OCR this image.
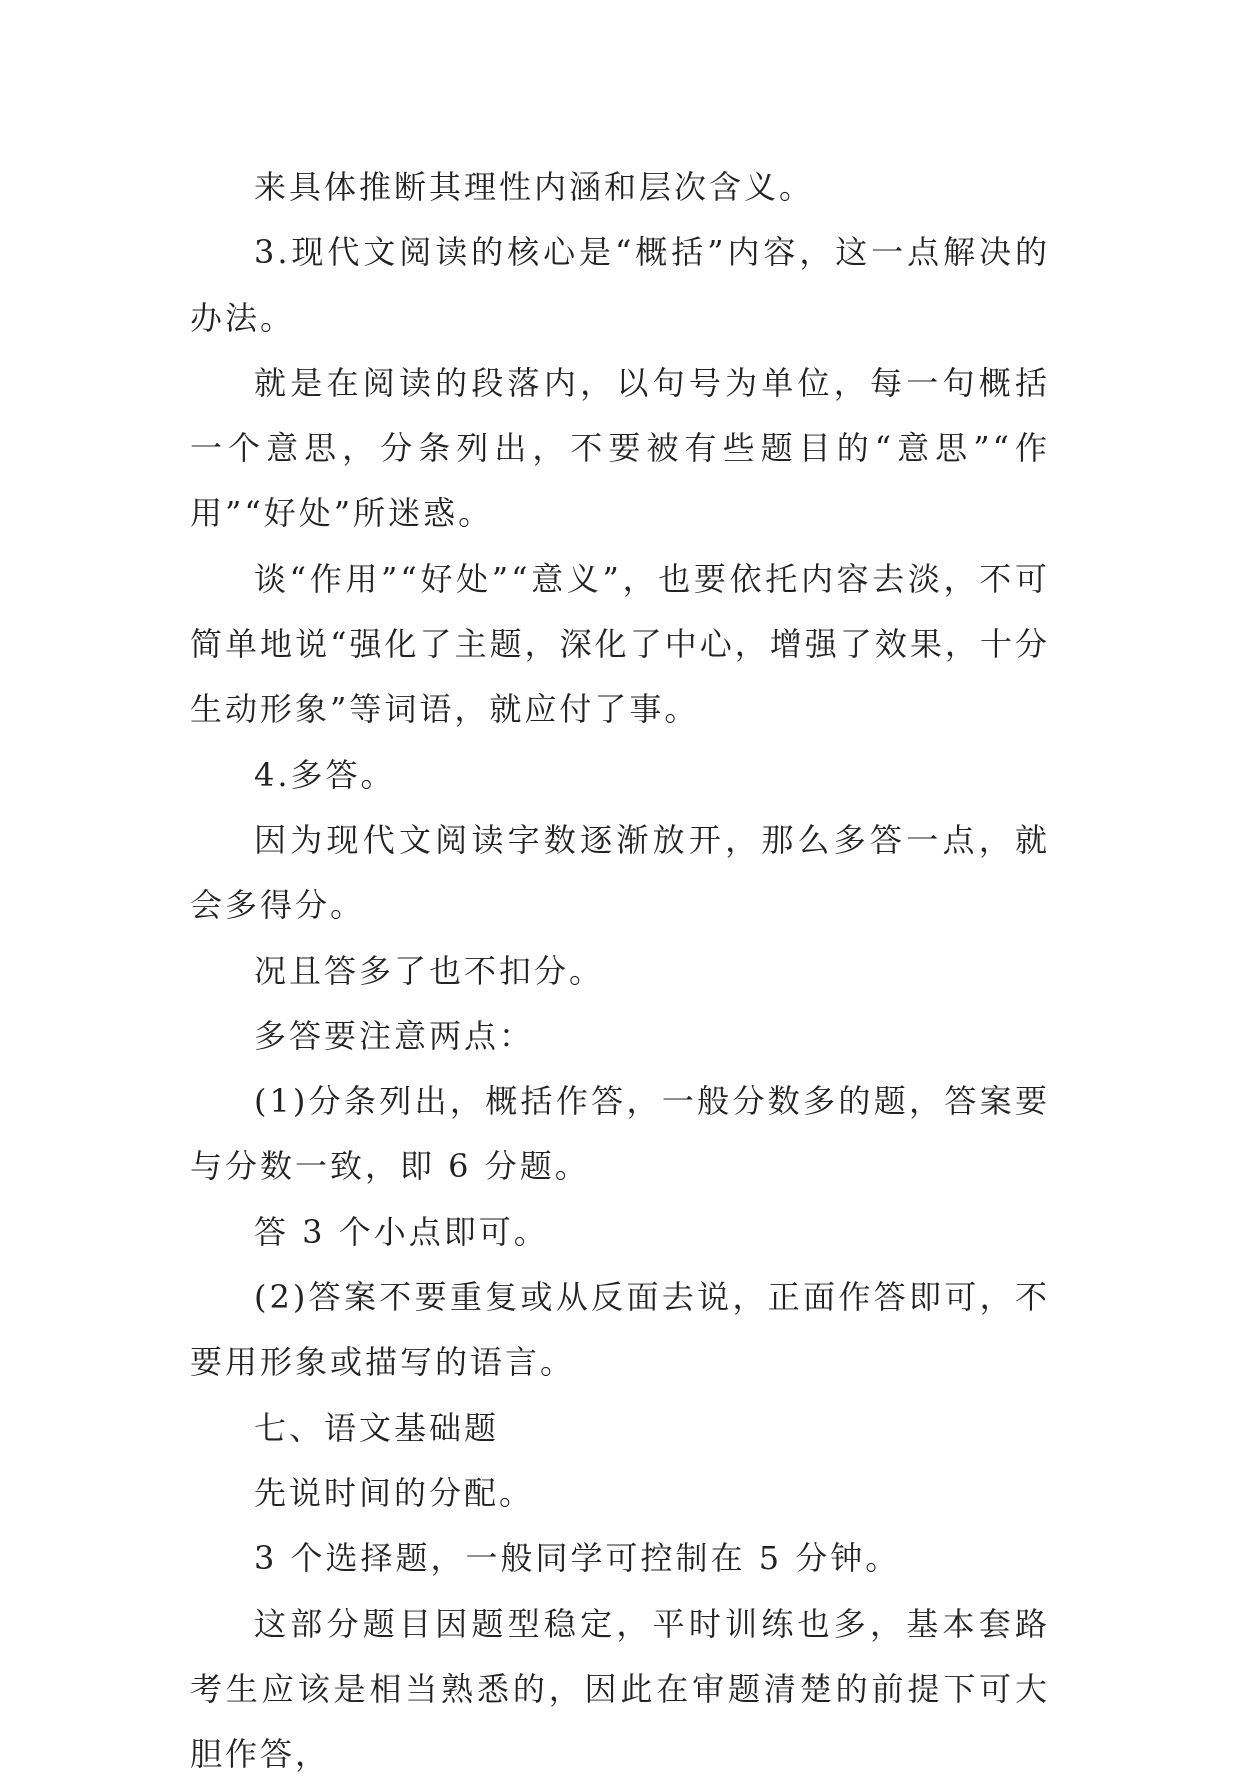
来具体推断其理性内涵和层次含义。

3.现代文阅读的核心是“概括”内容，这一点解决的办法。

就是在阅读的段落内，以句号为单位，每一句概括一个意思，分条列出，不要被有些题目的“意思”“作用”“好处”所迷惑。

谈“作用”“好处”“意义”，也要依托内容去淡，不可简单地说“强化了主题，深化了中心，增强了效果，十分生动形象”等词语，就应付了事。

4.多答。

因为现代文阅读字数逐渐放开，那么多答一点，就会多得分。

况且答多了也不扣分。

多答要注意两点：

(1)分条列出，概括作答，一般分数多的题，答案要与分数一致，即 6 分题。

答 3 个小点即可。

(2)答案不要重复或从反面去说，正面作答即可，不要用形象或描写的语言。

七、语文基础题

先说时间的分配。

3 个选择题，一般同学可控制在 5 分钟。

这部分题目因题型稳定，平时训练也多，基本套路考生应该是相当熟悉的，因此在审题清楚的前提下可大胆作答，
